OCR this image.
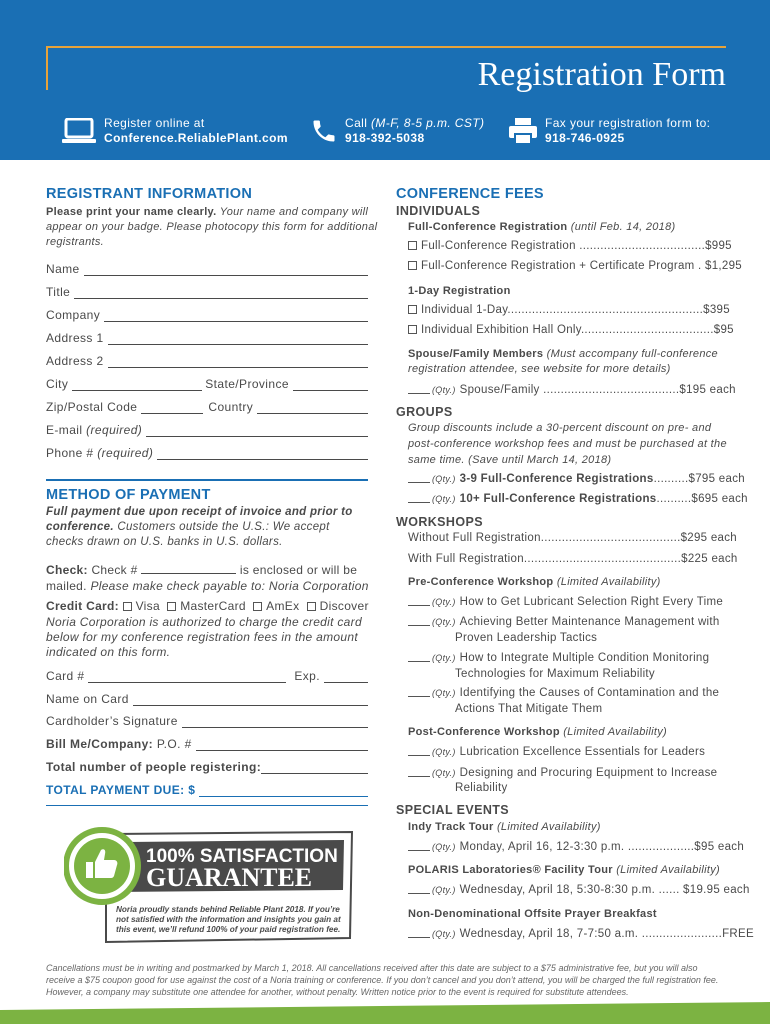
Registration Form
Register online at
Conference.ReliablePlant.com
Call (M-F, 8-5 p.m. CST)
918-392-5038
Fax your registration form to:
918-746-0925
REGISTRANT INFORMATION
Please print your name clearly. Your name and company will
appear on your badge. Please photocopy this form for additional
registrants.
Name
Title
Company
Address 1
Address 2
City	State/Province
Zip/Postal Code	Country
E-mail
(required)
Phone #
(required)
METHOD OF PAYMENT
Full payment due upon receipt of invoice and prior to
conference. Customers outside the U.S.: We accept
checks drawn on U.S. banks in U.S. dollars.
Check: Check #	is enclosed or will be
mailed. Please make check payable to: Noria Corporation
Credit Card: Visa MasterCard AmEx Discover
Noria Corporation is authorized to charge the credit card
below for my conference registration fees in the amount
indicated on this form.
Card #	Exp.
Name on Card
Cardholder’s Signature
Bill Me/Company:
P.O. #
Total number of people registering:
TOTAL PAYMENT DUE: $
100% SATISFACTION
GUARANTEE
Noria proudly stands behind Reliable Plant 2018. If you’re
not satisfied with the information and insights you gain at
this event, we’ll refund 100% of your paid registration fee.
CONFERENCE FEES
INDIVIDUALS
Full-Conference Registration (until Feb. 14, 2018)
Full-Conference Registration ....................................$995
Full-Conference Registration + Certificate Program . $1,295
1-Day Registration
Individual 1-Day........................................................$395
Individual Exhibition Hall Only......................................$95
Spouse/Family Members (Must accompany full-conference
registration attendee, see website for more details)
(Qty.) Spouse/Family .......................................$195 each
GROUPS
Group discounts include a 30-percent discount on pre- and
post-conference workshop fees and must be purchased at the
same time. (Save until March 14, 2018)
(Qty.) 3-9 Full-Conference Registrations..........$795 each
(Qty.) 10+ Full-Conference Registrations..........$695 each
WORKSHOPS
Without Full Registration........................................$295 each
With Full Registration.............................................$225 each
Pre-Conference Workshop (Limited Availability)
(Qty.) How to Get Lubricant Selection Right Every Time
(Qty.) Achieving Better Maintenance Management with
Proven Leadership Tactics
(Qty.) How to Integrate Multiple Condition Monitoring
Technologies for Maximum Reliability
(Qty.) Identifying the Causes of Contamination and the
Actions That Mitigate Them
Post-Conference Workshop (Limited Availability)
(Qty.) Lubrication Excellence Essentials for Leaders
(Qty.) Designing and Procuring Equipment to Increase
Reliability
SPECIAL EVENTS
Indy Track Tour (Limited Availability)
(Qty.) Monday, April 16, 12-3:30 p.m. ...................$95 each
POLARIS Laboratories® Facility Tour (Limited Availability)
(Qty.) Wednesday, April 18, 5:30-8:30 p.m. ...... $19.95 each
Non-Denominational Offsite Prayer Breakfast
(Qty.) Wednesday, April 18, 7-7:50 a.m. .......................FREE
Cancellations must be in writing and postmarked by March 1, 2018. All cancellations received after this date are subject to a $75 administrative fee, but you will also receive a $75 coupon good for use against the cost of a Noria training or conference. If you don’t cancel and you don’t attend, you will be charged the full registration fee. However, a company may substitute one attendee for another, without penalty. Written notice prior to the event is required for substitute attendees.
